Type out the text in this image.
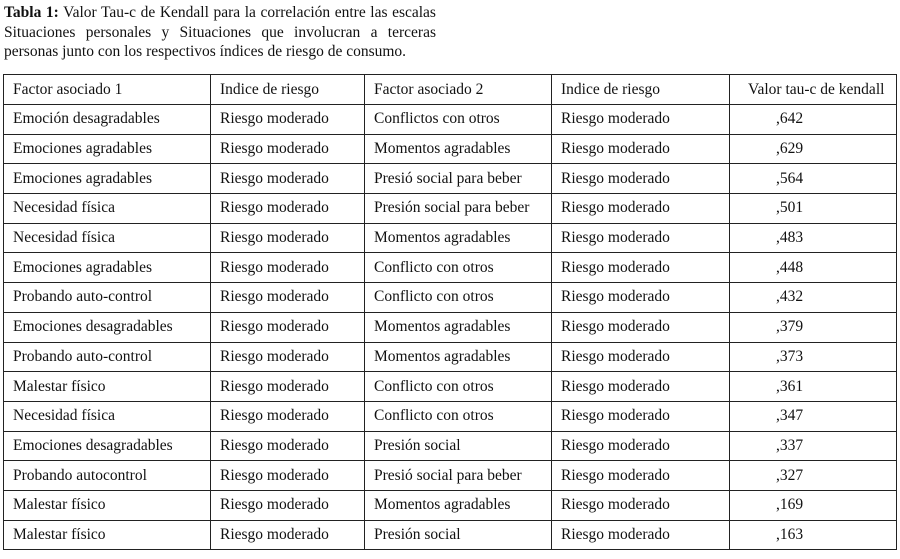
Tabla 1: Valor Tau-c de Kendall para la correlación entre las escalas
Situaciones personales y Situaciones que involucran a terceras
personas junto con los respectivos índices de riesgo de consumo.
Factor asociado 1	Indice de riesgo	Factor asociado 2	Indice de riesgo	Valor tau-c de kendall
Emoción desagradables	Riesgo moderado	Conflictos con otros	Riesgo moderado	,642
Emociones agradables	Riesgo moderado	Momentos agradables	Riesgo moderado	,629
Emociones agradables	Riesgo moderado	Presió social para beber	Riesgo moderado	,564
Necesidad física	Riesgo moderado	Presión social para beber	Riesgo moderado	,501
Necesidad física	Riesgo moderado	Momentos agradables	Riesgo moderado	,483
Emociones agradables	Riesgo moderado	Conflicto con otros	Riesgo moderado	,448
Probando auto-control	Riesgo moderado	Conflicto con otros	Riesgo moderado	,432
Emociones desagradables	Riesgo moderado	Momentos agradables	Riesgo moderado	,379
Probando auto-control	Riesgo moderado	Momentos agradables	Riesgo moderado	,373
Malestar físico	Riesgo moderado	Conflicto con otros	Riesgo moderado	,361
Necesidad física	Riesgo moderado	Conflicto con otros	Riesgo moderado	,347
Emociones desagradables	Riesgo moderado	Presión social	Riesgo moderado	,337
Probando autocontrol	Riesgo moderado	Presió social para beber	Riesgo moderado	,327
Malestar físico	Riesgo moderado	Momentos agradables	Riesgo moderado	,169
Malestar físico	Riesgo moderado	Presión social	Riesgo moderado	,163
